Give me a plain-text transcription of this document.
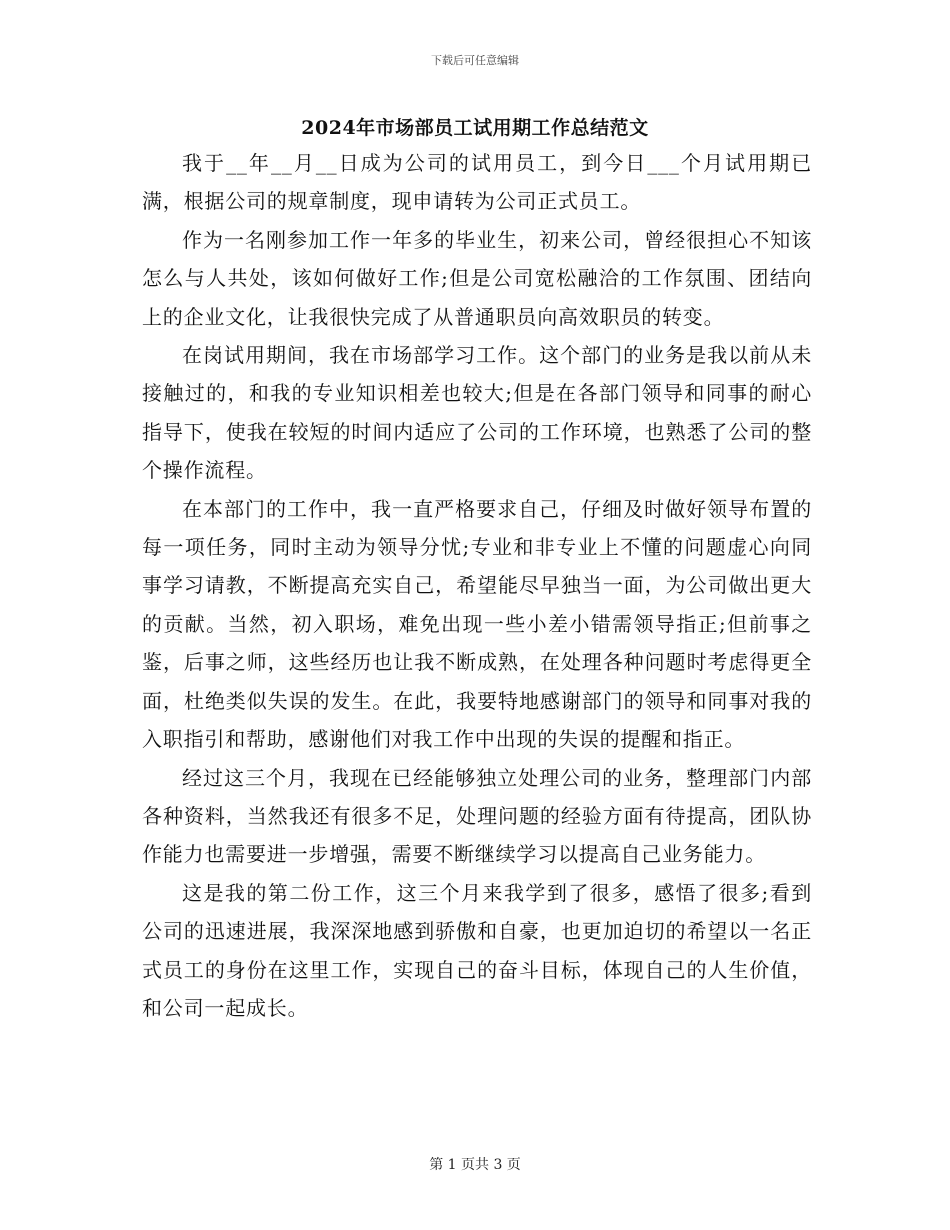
下载后可任意编辑
2024年市场部员工试用期工作总结范文

我于__年__月__日成为公司的试用员工，到今日___个月试用期已满，根据公司的规章制度，现申请转为公司正式员工。

作为一名刚参加工作一年多的毕业生，初来公司，曾经很担心不知该怎么与人共处，该如何做好工作;但是公司宽松融洽的工作氛围、团结向上的企业文化，让我很快完成了从普通职员向高效职员的转变。

在岗试用期间，我在市场部学习工作。这个部门的业务是我以前从未接触过的，和我的专业知识相差也较大;但是在各部门领导和同事的耐心指导下，使我在较短的时间内适应了公司的工作环境，也熟悉了公司的整个操作流程。

在本部门的工作中，我一直严格要求自己，仔细及时做好领导布置的每一项任务，同时主动为领导分忧;专业和非专业上不懂的问题虚心向同事学习请教，不断提高充实自己，希望能尽早独当一面，为公司做出更大的贡献。当然，初入职场，难免出现一些小差小错需领导指正;但前事之鉴，后事之师，这些经历也让我不断成熟，在处理各种问题时考虑得更全面，杜绝类似失误的发生。在此，我要特地感谢部门的领导和同事对我的入职指引和帮助，感谢他们对我工作中出现的失误的提醒和指正。

经过这三个月，我现在已经能够独立处理公司的业务，整理部门内部各种资料，当然我还有很多不足，处理问题的经验方面有待提高，团队协作能力也需要进一步增强，需要不断继续学习以提高自己业务能力。

这是我的第二份工作，这三个月来我学到了很多，感悟了很多;看到公司的迅速进展，我深深地感到骄傲和自豪，也更加迫切的希望以一名正式员工的身份在这里工作，实现自己的奋斗目标，体现自己的人生价值，和公司一起成长。

第 1 页共 3 页
